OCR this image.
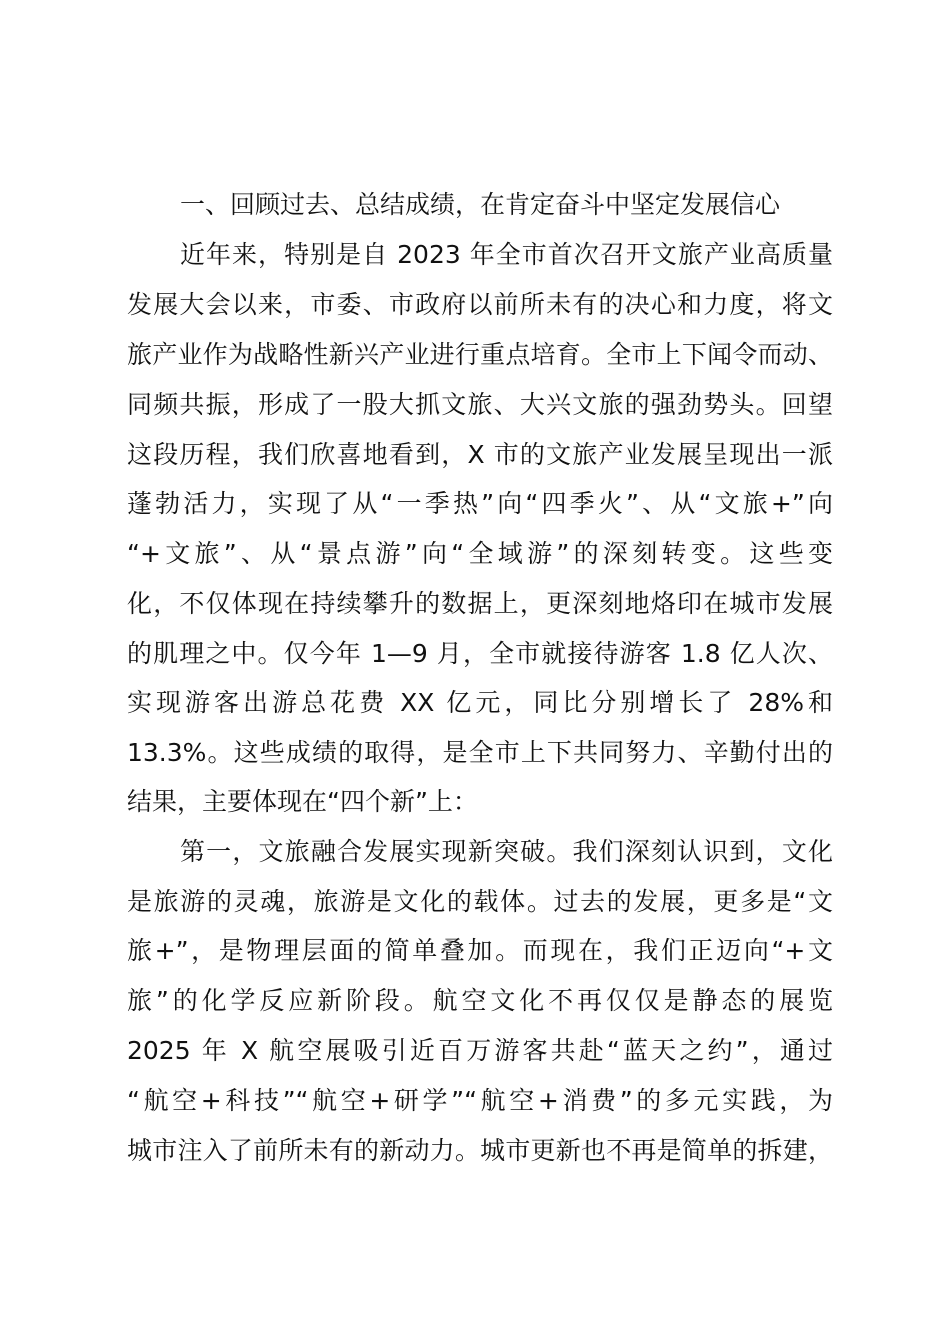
一、回顾过去、总结成绩，在肯定奋斗中坚定发展信心
近年来，特别是自 2023 年全市首次召开文旅产业高质量
发展大会以来，市委、市政府以前所未有的决心和力度，将文
旅产业作为战略性新兴产业进行重点培育。全市上下闻令而动、
同频共振，形成了一股大抓文旅、大兴文旅的强劲势头。回望
这段历程，我们欣喜地看到，X 市的文旅产业发展呈现出一派
蓬勃活力，实现了从“一季热”向“四季火”、从“文旅+”向
“+文旅”、从“景点游”向“全域游”的深刻转变。这些变
化，不仅体现在持续攀升的数据上，更深刻地烙印在城市发展
的肌理之中。仅今年 1—9 月，全市就接待游客 1.8 亿人次、
实现游客出游总花费 XX 亿元，同比分别增长了 28%和
13.3%。这些成绩的取得，是全市上下共同努力、辛勤付出的
结果，主要体现在“四个新”上：
第一，文旅融合发展实现新突破。我们深刻认识到，文化
是旅游的灵魂，旅游是文化的载体。过去的发展，更多是“文
旅+”，是物理层面的简单叠加。而现在，我们正迈向“+文
旅”的化学反应新阶段。航空文化不再仅仅是静态的展览
2025 年 X 航空展吸引近百万游客共赴“蓝天之约”，通过
“航空+科技”“航空+研学”“航空+消费”的多元实践，为
城市注入了前所未有的新动力。城市更新也不再是简单的拆建，
